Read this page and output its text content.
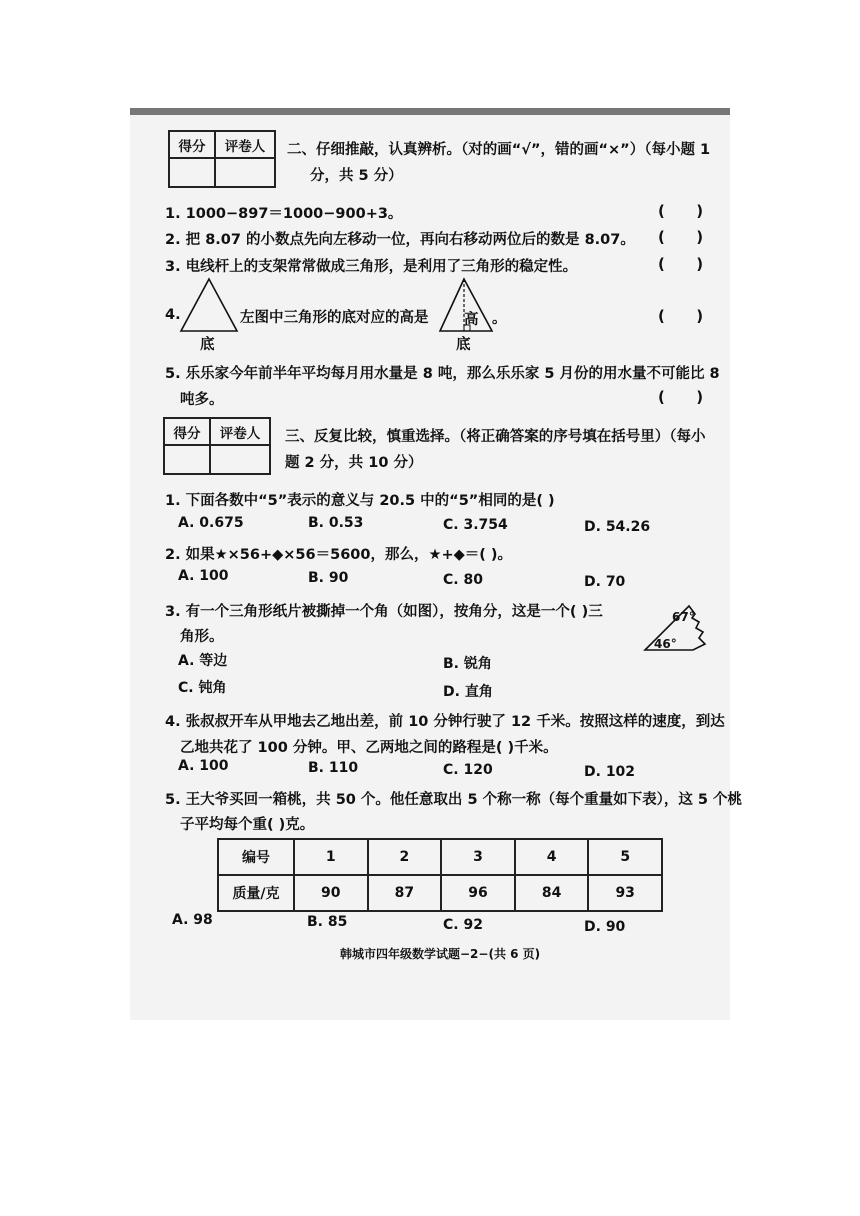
得分	评卷人
	二、仔细推敲，认真辨析。（对的画“√”，错的画“×”）（每小题 1
分，共 5 分）
1. 1000−897＝1000−900+3。	(      )
2. 把 8.07 的小数点先向左移动一位，再向右移动两位后的数是 8.07。 (      )
3. 电线杆上的支架常常做成三角形，是利用了三角形的稳定性。	(      )
4.
底
左图中三角形的底对应的高是 高
底
。	(      )
5. 乐乐家今年前半年平均每月用水量是 8 吨，那么乐乐家 5 月份的用水量不可能比 8
吨多。	(      )
得分	评卷人
	三、反复比较，慎重选择。（将正确答案的序号填在括号里）（每小
题 2 分，共 10 分）
1. 下面各数中“5”表示的意义与 20.5 中的“5”相同的是( )
A. 0.675	B. 0.53	C. 3.754	D. 54.26
2. 如果★×56+◆×56＝5600，那么，★+◆＝( )。
A. 100	B. 90	C. 80	D. 70
3. 有一个三角形纸片被撕掉一个角（如图），按角分，这是一个( )三
角形。
67°
46°
A. 等边	B. 锐角
C. 钝角	D. 直角
4. 张叔叔开车从甲地去乙地出差，前 10 分钟行驶了 12 千米。按照这样的速度，到达
乙地共花了 100 分钟。甲、乙两地之间的路程是( )千米。
A. 100	B. 110	C. 120	D. 102
5. 王大爷买回一箱桃，共 50 个。他任意取出 5 个称一称（每个重量如下表），这 5 个桃
子平均每个重( )克。
编号	1	2	3	4	5
质量/克	90	87	96	84	93
A. 98	B. 85	C. 92	D. 90
韩城市四年级数学试题−2−(共 6 页)
